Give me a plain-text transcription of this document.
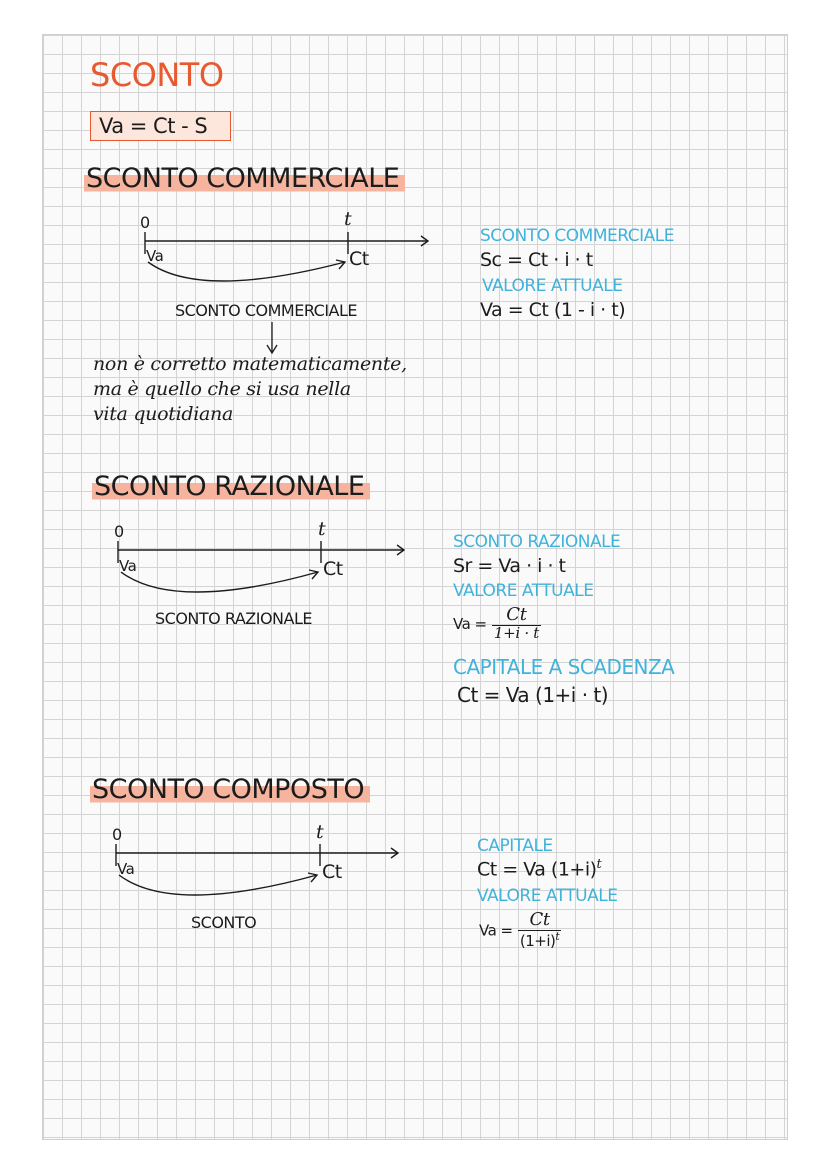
SCONTO

Va = Ct - S

SCONTO COMMERCIALE

0	t

Va	Ct

SCONTO COMMERCIALE

non è corretto matematicamente,
ma è quello che si usa nella
vita quotidiana

SCONTO COMMERCIALE

Sc = Ct · i · t

VALORE ATTUALE

Va = Ct (1 - i · t)

SCONTO RAZIONALE

0	t

Va	Ct

SCONTO RAZIONALE

SCONTO RAZIONALE

Sr = Va · i · t

VALORE ATTUALE

$Va = \frac{Ct}{1+i \cdot t}$

CAPITALE A SCADENZA

Ct = Va (1+i · t)

SCONTO COMPOSTO

0	t

Va	Ct

SCONTO

CAPITALE

Ct = Va $(1+i)^t$

VALORE ATTUALE

$Va = \frac{Ct}{(1+i)^t}$
